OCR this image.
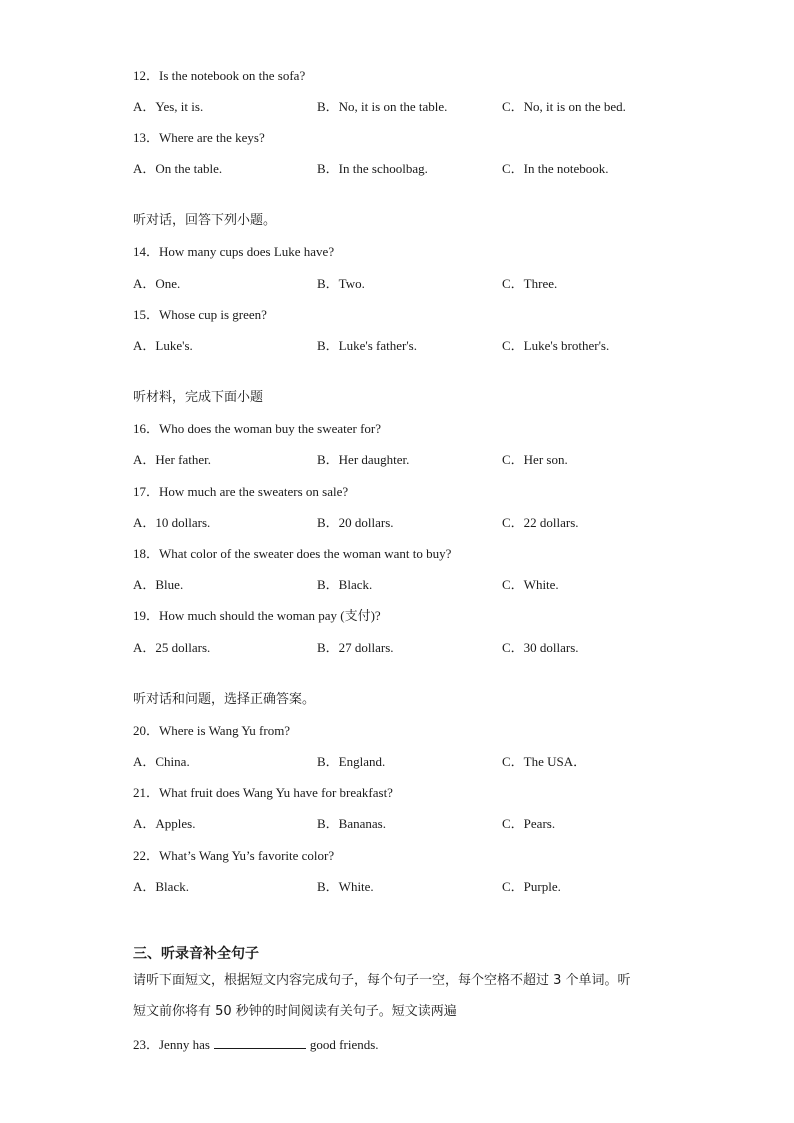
12．Is the notebook on the sofa?
A．Yes, it is.	B．No, it is on the table.	C．No, it is on the bed.
13．Where are the keys?
A．On the table.	B．In the schoolbag.	C．In the notebook.
听对话，回答下列小题。
14．How many cups does Luke have?
A．One.	B．Two.	C．Three.
15．Whose cup is green?
A．Luke's.	B．Luke's father's.	C．Luke's brother's.
听材料，完成下面小题
16．Who does the woman buy the sweater for?
A．Her father.	B．Her daughter.	C．Her son.
17．How much are the sweaters on sale?
A．10 dollars.	B．20 dollars.	C．22 dollars.
18．What color of the sweater does the woman want to buy?
A．Blue.	B．Black.	C．White.
19．How much should the woman pay (支付)?
A．25 dollars.	B．27 dollars.	C．30 dollars.
听对话和问题，选择正确答案。
20．Where is Wang Yu from?
A．China.	B．England.	C．The USA．
21．What fruit does Wang Yu have for breakfast?
A．Apples.	B．Bananas.	C．Pears.
22．What’s Wang Yu’s favorite color?
A．Black.	B．White.	C．Purple.
三、听录音补全句子
请听下面短文，根据短文内容完成句子，每个句子一空，每个空格不超过 3 个单词。听
短文前你将有 50 秒钟的时间阅读有关句子。短文读两遍
23．Jenny has	good friends.
